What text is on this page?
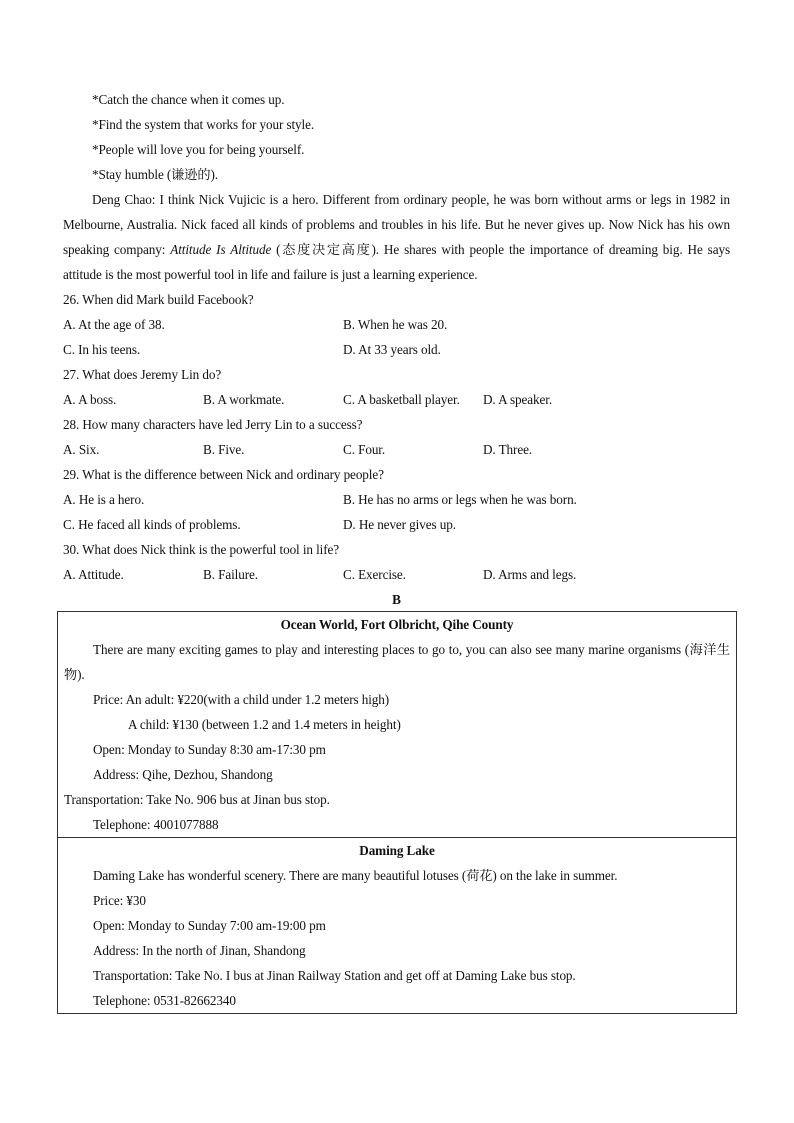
*Catch the chance when it comes up.
*Find the system that works for your style.
*People will love you for being yourself.
*Stay humble (谦逊的).
Deng Chao: I think Nick Vujicic is a hero. Different from ordinary people, he was born without arms or legs in 1982 in Melbourne, Australia. Nick faced all kinds of problems and troubles in his life. But he never gives up. Now Nick has his own speaking company: Attitude Is Altitude (态度决定高度). He shares with people the importance of dreaming big. He says attitude is the most powerful tool in life and failure is just a learning experience.
26. When did Mark build Facebook?
A. At the age of 38.	B. When he was 20.
C. In his teens.	D. At 33 years old.
27. What does Jeremy Lin do?
A. A boss.	B. A workmate.	C. A basketball player.	D. A speaker.
28. How many characters have led Jerry Lin to a success?
A. Six.	B. Five.	C. Four.	D. Three.
29. What is the difference between Nick and ordinary people?
A. He is a hero.	B. He has no arms or legs when he was born.
C. He faced all kinds of problems.	D. He never gives up.
30. What does Nick think is the powerful tool in life?
A. Attitude.	B. Failure.	C. Exercise.	D. Arms and legs.
B
Ocean World, Fort Olbricht, Qihe County
There are many exciting games to play and interesting places to go to, you can also see many marine organisms (海洋生物).
Price: An adult: ¥220(with a child under 1.2 meters high)
A child: ¥130 (between 1.2 and 1.4 meters in height)
Open: Monday to Sunday 8:30 am-17:30 pm
Address: Qihe, Dezhou, Shandong
Transportation: Take No. 906 bus at Jinan bus stop.
Telephone: 4001077888
Daming Lake
Daming Lake has wonderful scenery. There are many beautiful lotuses (荷花) on the lake in summer.
Price: ¥30
Open: Monday to Sunday 7:00 am-19:00 pm
Address: In the north of Jinan, Shandong
Transportation: Take No. I bus at Jinan Railway Station and get off at Daming Lake bus stop.
Telephone: 0531-82662340
